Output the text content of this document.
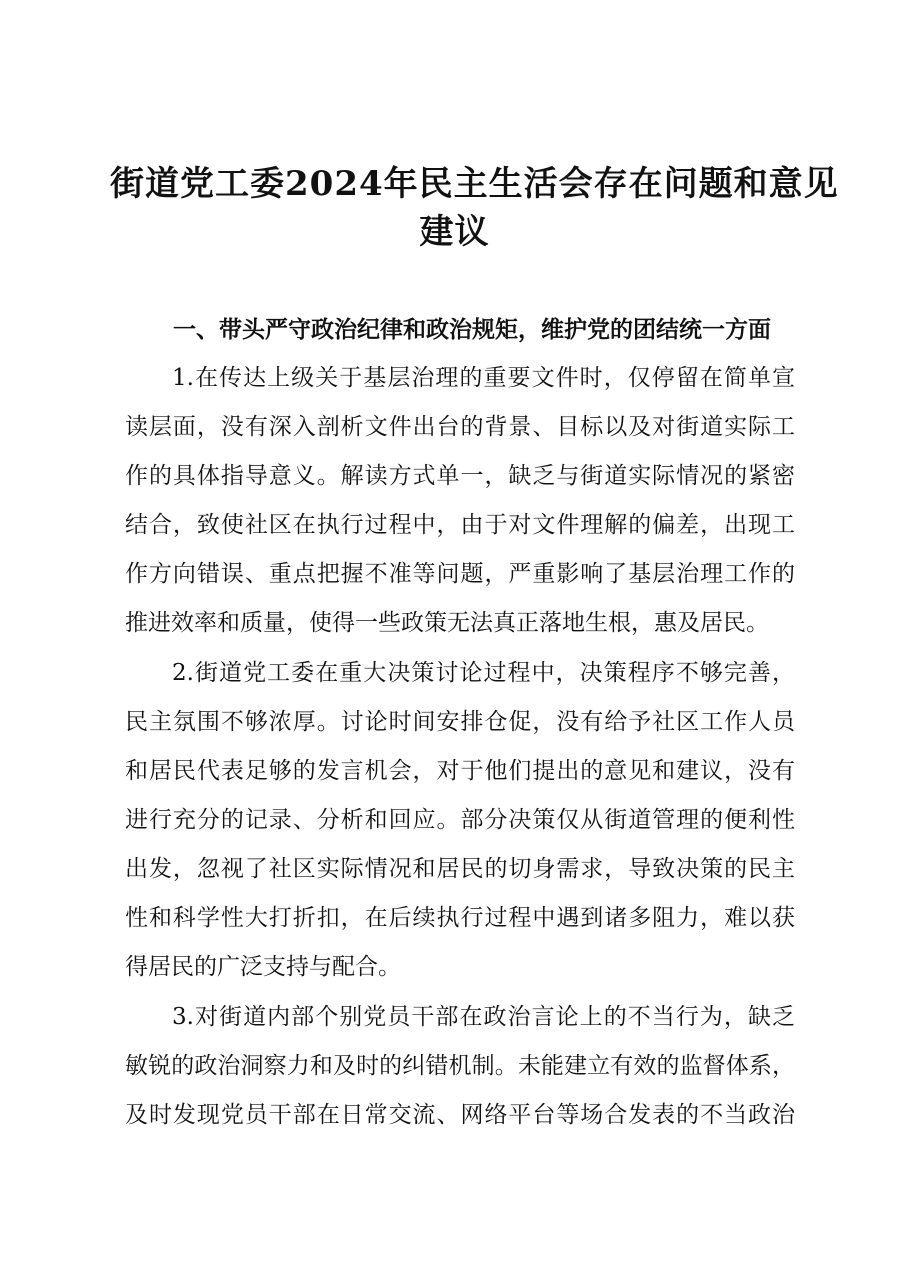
街道党工委2024年民主生活会存在问题和意见
建议
一、带头严守政治纪律和政治规矩，维护党的团结统一方面
1.在传达上级关于基层治理的重要文件时，仅停留在简单宣
读层面，没有深入剖析文件出台的背景、目标以及对街道实际工
作的具体指导意义。解读方式单一，缺乏与街道实际情况的紧密
结合，致使社区在执行过程中，由于对文件理解的偏差，出现工
作方向错误、重点把握不准等问题，严重影响了基层治理工作的
推进效率和质量，使得一些政策无法真正落地生根，惠及居民。
2.街道党工委在重大决策讨论过程中，决策程序不够完善，
民主氛围不够浓厚。讨论时间安排仓促，没有给予社区工作人员
和居民代表足够的发言机会，对于他们提出的意见和建议，没有
进行充分的记录、分析和回应。部分决策仅从街道管理的便利性
出发，忽视了社区实际情况和居民的切身需求，导致决策的民主
性和科学性大打折扣，在后续执行过程中遇到诸多阻力，难以获
得居民的广泛支持与配合。
3.对街道内部个别党员干部在政治言论上的不当行为，缺乏
敏锐的政治洞察力和及时的纠错机制。未能建立有效的监督体系，
及时发现党员干部在日常交流、网络平台等场合发表的不当政治
